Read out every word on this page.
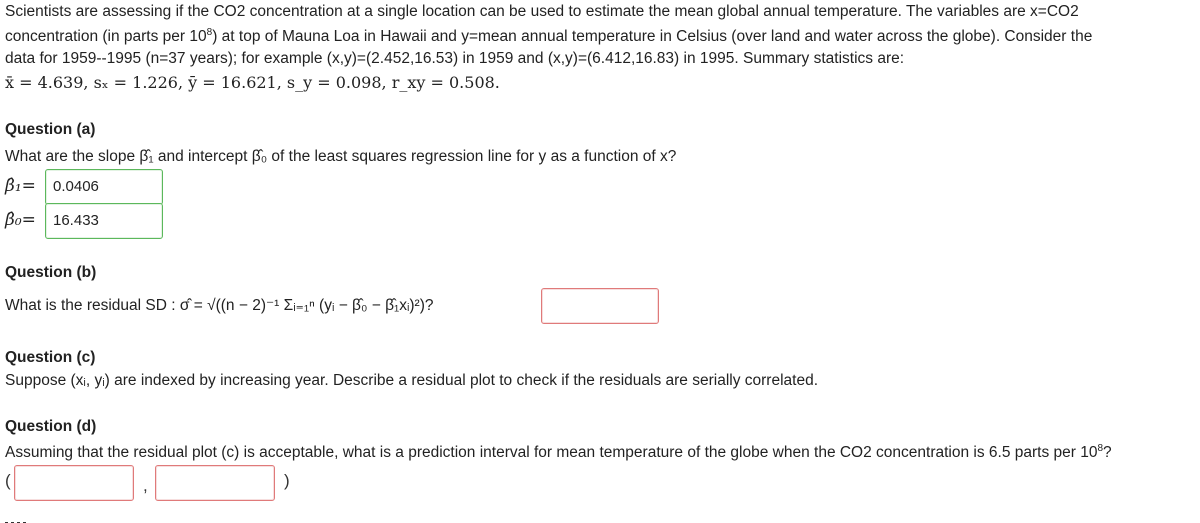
Scientists are assessing if the CO2 concentration at a single location can be used to estimate the mean global annual temperature. The variables are x=CO2
concentration (in parts per $10^8$) at top of Mauna Loa in Hawaii and y=mean annual temperature in Celsius (over land and water across the globe). Consider the
data for 1959--1995 (n=37 years); for example (x,y)=(2.452,16.53) in 1959 and (x,y)=(6.412,16.83) in 1995. Summary statistics are:
x̄ = 4.639, sₓ = 1.226, ȳ = 16.621, s_y = 0.098, r_xy = 0.508.
Question (a)
What are the slope β̂₁ and intercept β̂₀ of the least squares regression line for y as a function of x?
β̂₁=	0.0406
β̂₀=	16.433
Question (b)
What is the residual SD : σ̂ = √((n − 2)⁻¹ Σᵢ₌₁ⁿ (yᵢ − β̂₀ − β̂₁xᵢ)²)?
Question (c)
Suppose (xᵢ, yᵢ) are indexed by increasing year. Describe a residual plot to check if the residuals are serially correlated.
Question (d)
Assuming that the residual plot (c) is acceptable, what is a prediction interval for mean temperature of the globe when the CO2 concentration is 6.5 parts per $10^8$?
(	,	)
